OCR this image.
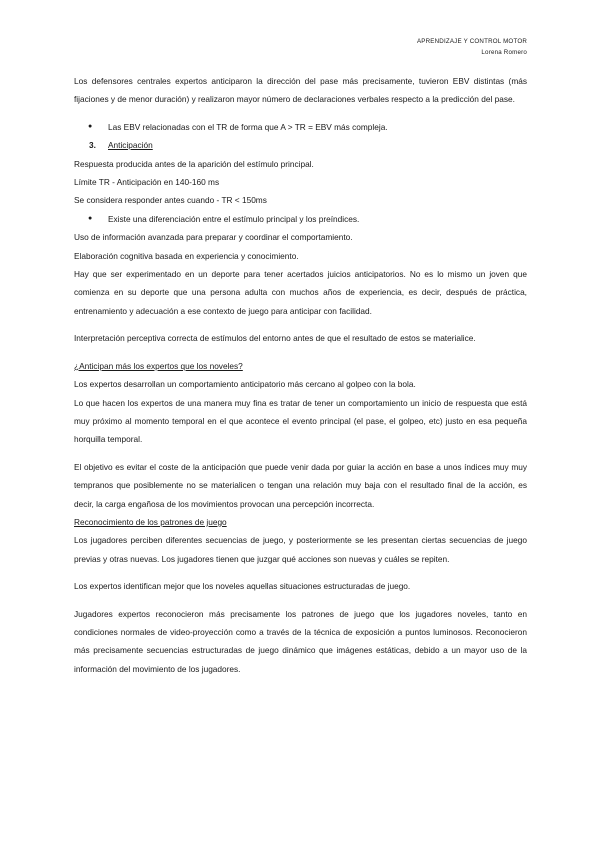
APRENDIZAJE Y CONTROL MOTOR
Lorena Romero

Los defensores centrales expertos anticiparon la dirección del pase más precisamente, tuvieron EBV distintas (más fijaciones y de menor duración) y realizaron mayor número de declaraciones verbales respecto a la predicción del pase.

● Las EBV relacionadas con el TR de forma que A > TR = EBV más compleja.
3. Anticipación

Respuesta producida antes de la aparición del estímulo principal.

Límite TR - Anticipación en 140-160 ms

Se considera responder antes cuando - TR < 150ms

● Existe una diferenciación entre el estímulo principal y los preíndices.

Uso de información avanzada para preparar y coordinar el comportamiento.

Elaboración cognitiva basada en experiencia y conocimiento.

Hay que ser experimentado en un deporte para tener acertados juicios anticipatorios. No es lo mismo un joven que comienza en su deporte que una persona adulta con muchos años de experiencia, es decir, después de práctica, entrenamiento y adecuación a ese contexto de juego para anticipar con facilidad.

Interpretación perceptiva correcta de estímulos del entorno antes de que el resultado de estos se materialice.

¿Anticipan más los expertos que los noveles?

Los expertos desarrollan un comportamiento anticipatorio más cercano al golpeo con la bola.

Lo que hacen los expertos de una manera muy fina es tratar de tener un comportamiento un inicio de respuesta que está muy próximo al momento temporal en el que acontece el evento principal (el pase, el golpeo, etc) justo en esa pequeña horquilla temporal.

El objetivo es evitar el coste de la anticipación que puede venir dada por guiar la acción en base a unos índices muy muy tempranos que posiblemente no se materialicen o tengan una relación muy baja con el resultado final de la acción, es decir, la carga engañosa de los movimientos provocan una percepción incorrecta.

Reconocimiento de los patrones de juego

Los jugadores perciben diferentes secuencias de juego, y posteriormente se les presentan ciertas secuencias de juego previas y otras nuevas. Los jugadores tienen que juzgar qué acciones son nuevas y cuáles se repiten.

Los expertos identifican mejor que los noveles aquellas situaciones estructuradas de juego.

Jugadores expertos reconocieron más precisamente los patrones de juego que los jugadores noveles, tanto en condiciones normales de video-proyección como a través de la técnica de exposición a puntos luminosos. Reconocieron más precisamente secuencias estructuradas de juego dinámico que imágenes estáticas, debido a un mayor uso de la información del movimiento de los jugadores.
